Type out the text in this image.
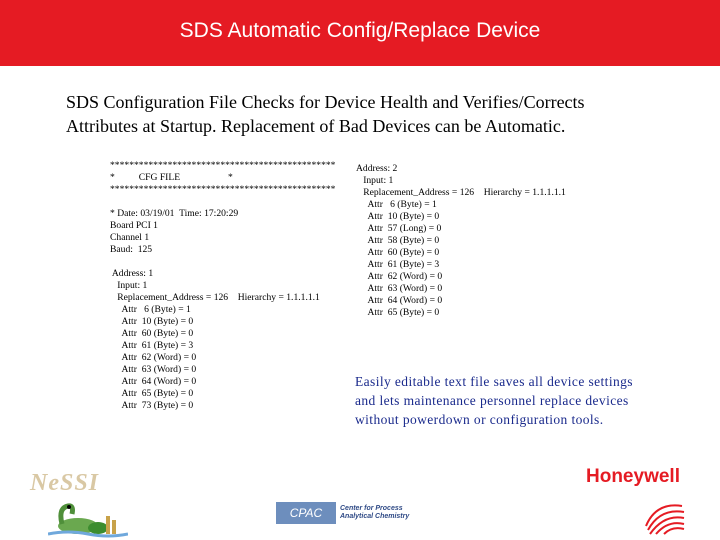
SDS Automatic Config/Replace Device
SDS Configuration File Checks for Device Health and Verifies/Corrects
Attributes at Startup. Replacement of Bad Devices can be Automatic.
***********************************************
*          CFG FILE                    *
***********************************************
* Date: 03/19/01  Time: 17:20:29
Board PCI 1
Channel 1
Baud:  125
Address: 1
Input: 1
Replacement_Address = 126    Hierarchy = 1.1.1.1.1
Attr   6 (Byte) = 1
Attr  10 (Byte) = 0
Attr  60 (Byte) = 0
Attr  61 (Byte) = 3
Attr  62 (Word) = 0
Attr  63 (Word) = 0
Attr  64 (Word) = 0
Attr  65 (Byte) = 0
Attr  73 (Byte) = 0
Address: 2
Input: 1
Replacement_Address = 126    Hierarchy = 1.1.1.1.1
Attr   6 (Byte) = 1
Attr  10 (Byte) = 0
Attr  57 (Long) = 0
Attr  58 (Byte) = 0
Attr  60 (Byte) = 0
Attr  61 (Byte) = 3
Attr  62 (Word) = 0
Attr  63 (Word) = 0
Attr  64 (Word) = 0
Attr  65 (Byte) = 0
Easily editable text file saves all device settings
and lets maintenance personnel replace devices
without powerdown or configuration tools.
NeSSI
CPAC	Center for Process
Analytical Chemistry
Honeywell
